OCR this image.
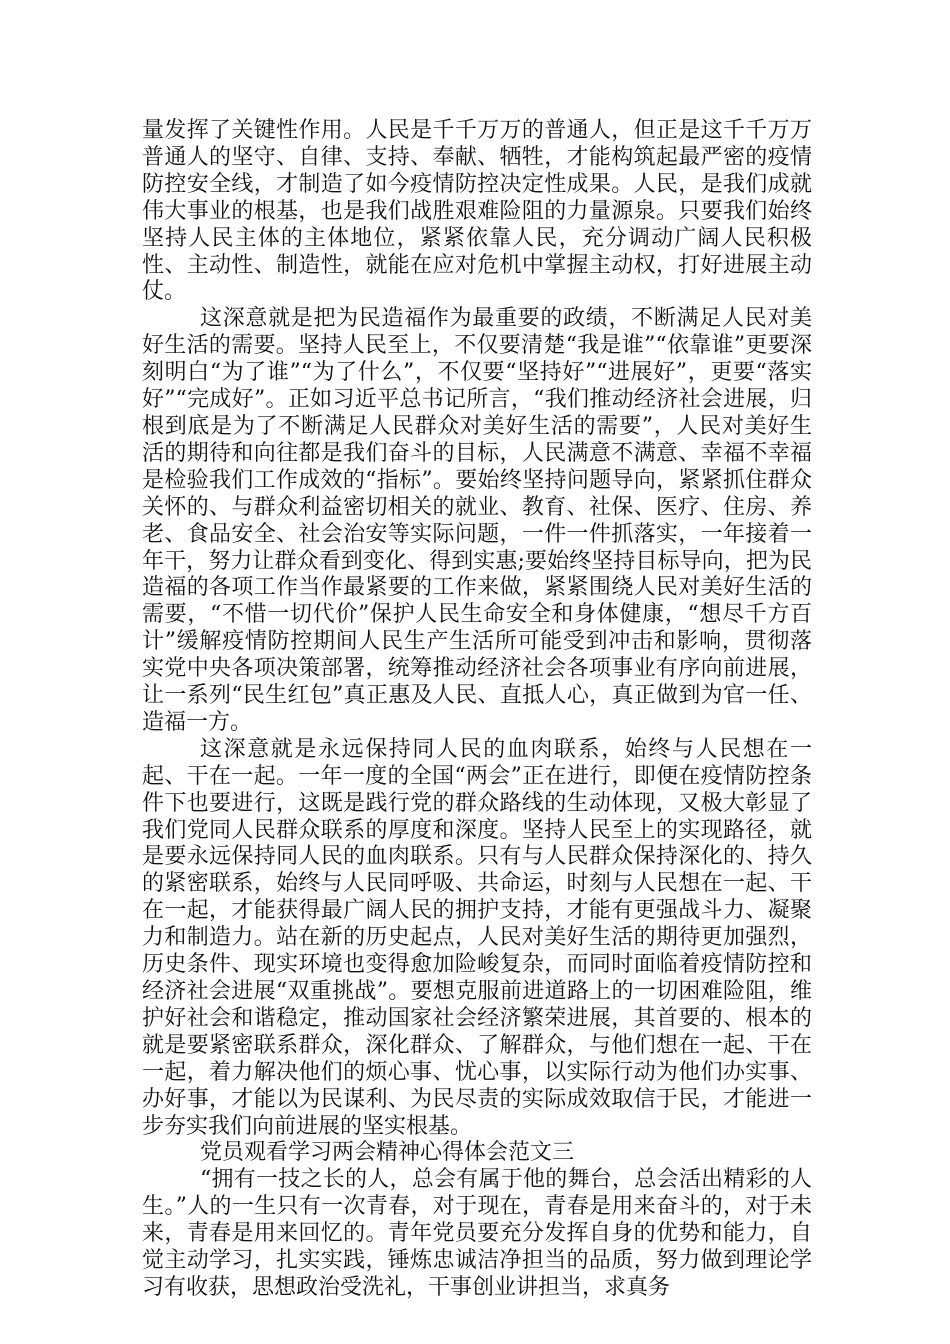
量发挥了关键性作用。人民是千千万万的普通人，但正是这千千万万普通人的坚守、自律、支持、奉献、牺牲，才能构筑起最严密的疫情防控安全线，才制造了如今疫情防控决定性成果。人民，是我们成就伟大事业的根基，也是我们战胜艰难险阻的力量源泉。只要我们始终坚持人民主体的主体地位，紧紧依靠人民，充分调动广阔人民积极性、主动性、制造性，就能在应对危机中掌握主动权，打好进展主动仗。

这深意就是把为民造福作为最重要的政绩，不断满足人民对美好生活的需要。坚持人民至上，不仅要清楚“我是谁”“依靠谁”更要深刻明白“为了谁”“为了什么”，不仅要“坚持好”“进展好”，更要“落实好”“完成好”。正如习近平总书记所言，“我们推动经济社会进展，归根到底是为了不断满足人民群众对美好生活的需要”，人民对美好生活的期待和向往都是我们奋斗的目标，人民满意不满意、幸福不幸福是检验我们工作成效的“指标”。要始终坚持问题导向，紧紧抓住群众关怀的、与群众利益密切相关的就业、教育、社保、医疗、住房、养老、食品安全、社会治安等实际问题，一件一件抓落实，一年接着一年干，努力让群众看到变化、得到实惠;要始终坚持目标导向，把为民造福的各项工作当作最紧要的工作来做，紧紧围绕人民对美好生活的需要，“不惜一切代价”保护人民生命安全和身体健康，“想尽千方百计”缓解疫情防控期间人民生产生活所可能受到冲击和影响，贯彻落实党中央各项决策部署，统筹推动经济社会各项事业有序向前进展，让一系列“民生红包”真正惠及人民、直抵人心，真正做到为官一任、造福一方。

这深意就是永远保持同人民的血肉联系，始终与人民想在一起、干在一起。一年一度的全国“两会”正在进行，即便在疫情防控条件下也要进行，这既是践行党的群众路线的生动体现，又极大彰显了我们党同人民群众联系的厚度和深度。坚持人民至上的实现路径，就是要永远保持同人民的血肉联系。只有与人民群众保持深化的、持久的紧密联系，始终与人民同呼吸、共命运，时刻与人民想在一起、干在一起，才能获得最广阔人民的拥护支持，才能有更强战斗力、凝聚力和制造力。站在新的历史起点，人民对美好生活的期待更加强烈，历史条件、现实环境也变得愈加险峻复杂，而同时面临着疫情防控和经济社会进展“双重挑战”。要想克服前进道路上的一切困难险阻，维护好社会和谐稳定，推动国家社会经济繁荣进展，其首要的、根本的就是要紧密联系群众，深化群众、了解群众，与他们想在一起、干在一起，着力解决他们的烦心事、忧心事，以实际行动为他们办实事、办好事，才能以为民谋利、为民尽责的实际成效取信于民，才能进一步夯实我们向前进展的坚实根基。

党员观看学习两会精神心得体会范文三

“拥有一技之长的人，总会有属于他的舞台，总会活出精彩的人生。”人的一生只有一次青春，对于现在，青春是用来奋斗的，对于未来，青春是用来回忆的。青年党员要充分发挥自身的优势和能力，自觉主动学习，扎实实践，锤炼忠诚洁净担当的品质，努力做到理论学习有收获，思想政治受洗礼，干事创业讲担当，求真务
